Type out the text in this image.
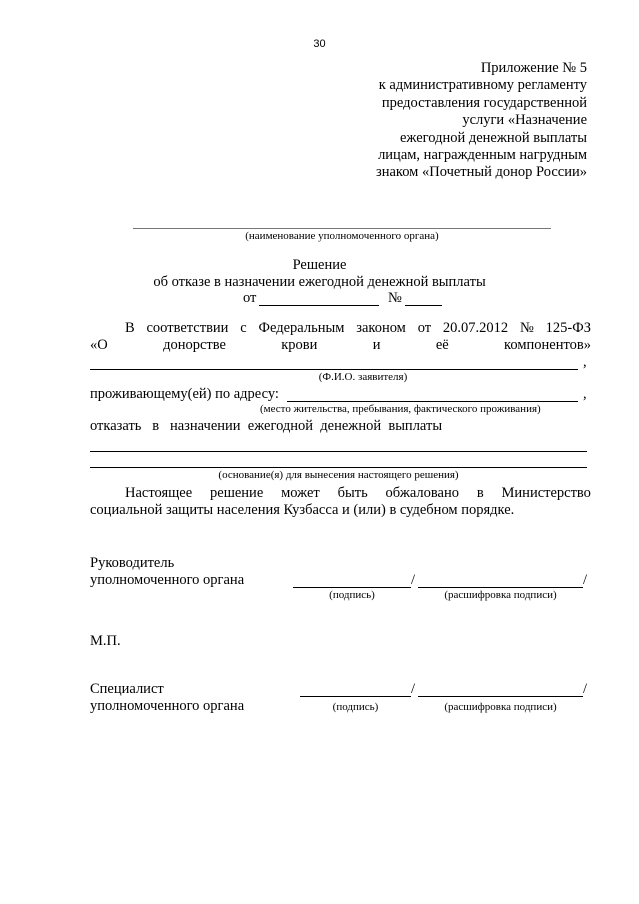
30
Приложение № 5
к административному регламенту
предоставления государственной
услуги «Назначение
ежегодной денежной выплаты
лицам, награжденным нагрудным
знаком «Почетный донор России»
(наименование уполномоченного органа)
Решение
об отказе в назначении ежегодной денежной выплаты
от	№
В соответствии с Федеральным законом от 20.07.2012 № 125-ФЗ
«О	донорстве	крови	и	её	компонентов»
,
(Ф.И.О. заявителя)
проживающему(ей) по адресу:	,
(место жительства, пребывания, фактического проживания)
отказать   в   назначении  ежегодной  денежной  выплаты
(основание(я) для вынесения настоящего решения)
Настоящее решение может быть обжаловано в Министерство
социальной защиты населения Кузбасса и (или) в судебном порядке.
Руководитель
уполномоченного органа	/	/
(подпись)	(расшифровка подписи)
М.П.
Специалист
уполномоченного органа
/	/
(подпись)	(расшифровка подписи)
